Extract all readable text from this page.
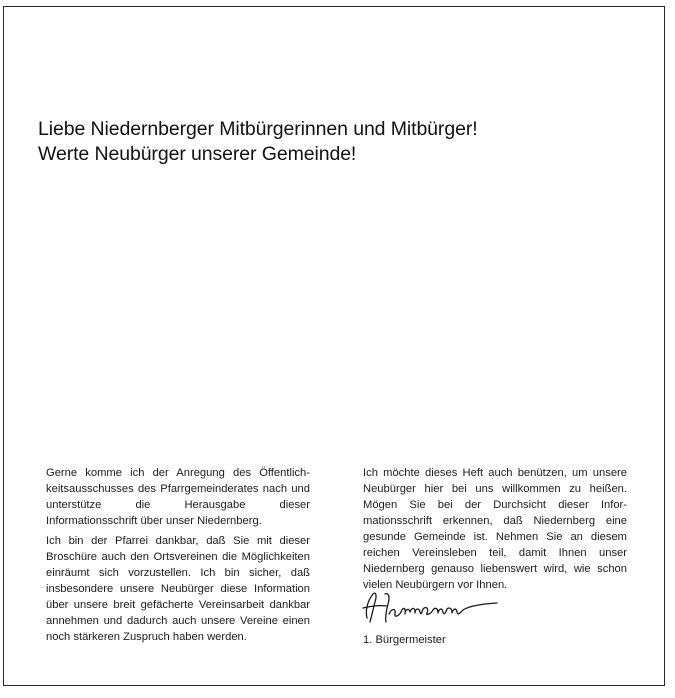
Liebe Niedernberger Mitbürgerinnen und Mitbürger!
Werte Neubürger unserer Gemeinde!

Gerne komme ich der Anregung des Öffentlichkeitsausschusses des Pfarrgemeinderates nach und unterstütze die Herausgabe dieser Informationsschrift über unser Niedernberg.

Ich bin der Pfarrei dankbar, daß Sie mit dieser Broschüre auch den Ortsvereinen die Möglichkeiten einräumt sich vorzustellen. Ich bin sicher, daß insbesondere unsere Neubürger diese Information über unsere breit gefächerte Vereinsarbeit dankbar annehmen und dadurch auch unsere Vereine einen noch stärkeren Zuspruch haben werden.

Ich möchte dieses Heft auch benützen, um unsere Neubürger hier bei uns willkommen zu heißen. Mögen Sie bei der Durchsicht dieser Informationsschrift erkennen, daß Niedernberg eine gesunde Gemeinde ist. Nehmen Sie an diesem reichen Vereinsleben teil, damit Ihnen unser Niedernberg genauso liebenswert wird, wie schon vielen Neubürgern vor Ihnen.

1. Bürgermeister
